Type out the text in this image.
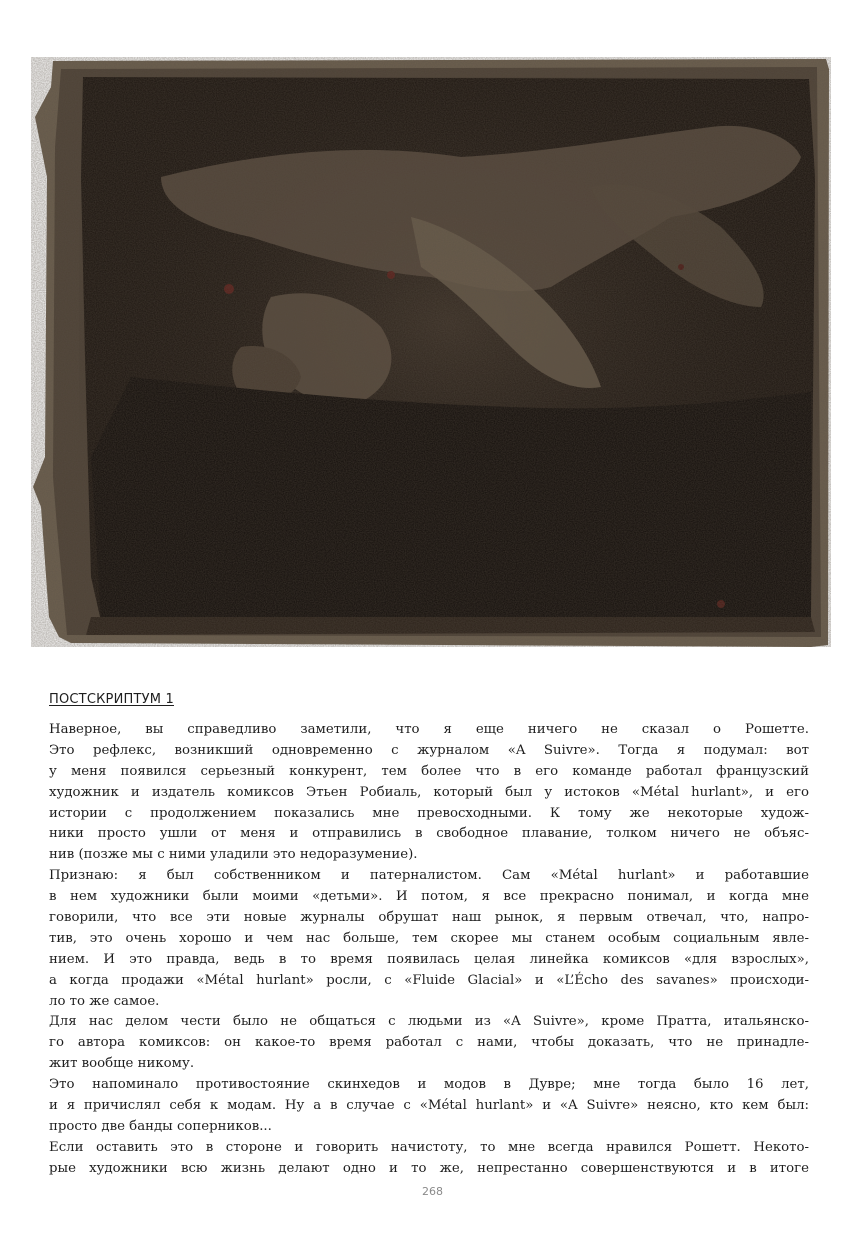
ПОСТСКРИПТУМ 1
Наверное, вы справедливо заметили, что я еще ничего не сказал о Рошетте.
Это рефлекс, возникший одновременно с журналом «A Suivre». Тогда я подумал: вот
у меня появился серьезный конкурент, тем более что в его команде работал французский
художник и издатель комиксов Этьен Робиаль, который был у истоков «Métal hurlant», и его
истории с продолжением показались мне превосходными. К тому же некоторые худож-
ники просто ушли от меня и отправились в свободное плавание, толком ничего не объяс-
нив (позже мы с ними уладили это недоразумение).
Признаю: я был собственником и патерналистом. Сам «Métal hurlant» и работавшие
в нем художники были моими «детьми». И потом, я все прекрасно понимал, и когда мне
говорили, что все эти новые журналы обрушат наш рынок, я первым отвечал, что, напро-
тив, это очень хорошо и чем нас больше, тем скорее мы станем особым социальным явле-
нием. И это правда, ведь в то время появилась целая линейка комиксов «для взрослых»,
а когда продажи «Métal hurlant» росли, с «Fluide Glacial» и «L’Écho des savanes» происходи-
ло то же самое.
Для нас делом чести было не общаться с людьми из «A Suivre», кроме Пратта, итальянско-
го автора комиксов: он какое-то время работал с нами, чтобы доказать, что не принадле-
жит вообще никому.
Это напоминало противостояние скинхедов и модов в Дувре; мне тогда было 16 лет,
и я причислял себя к модам. Ну а в случае с «Métal hurlant» и «A Suivre» неясно, кто кем был:
просто две банды соперников...
Если оставить это в стороне и говорить начистоту, то мне всегда нравился Рошетт. Некото-
рые художники всю жизнь делают одно и то же, непрестанно совершенствуются и в итоге
268
